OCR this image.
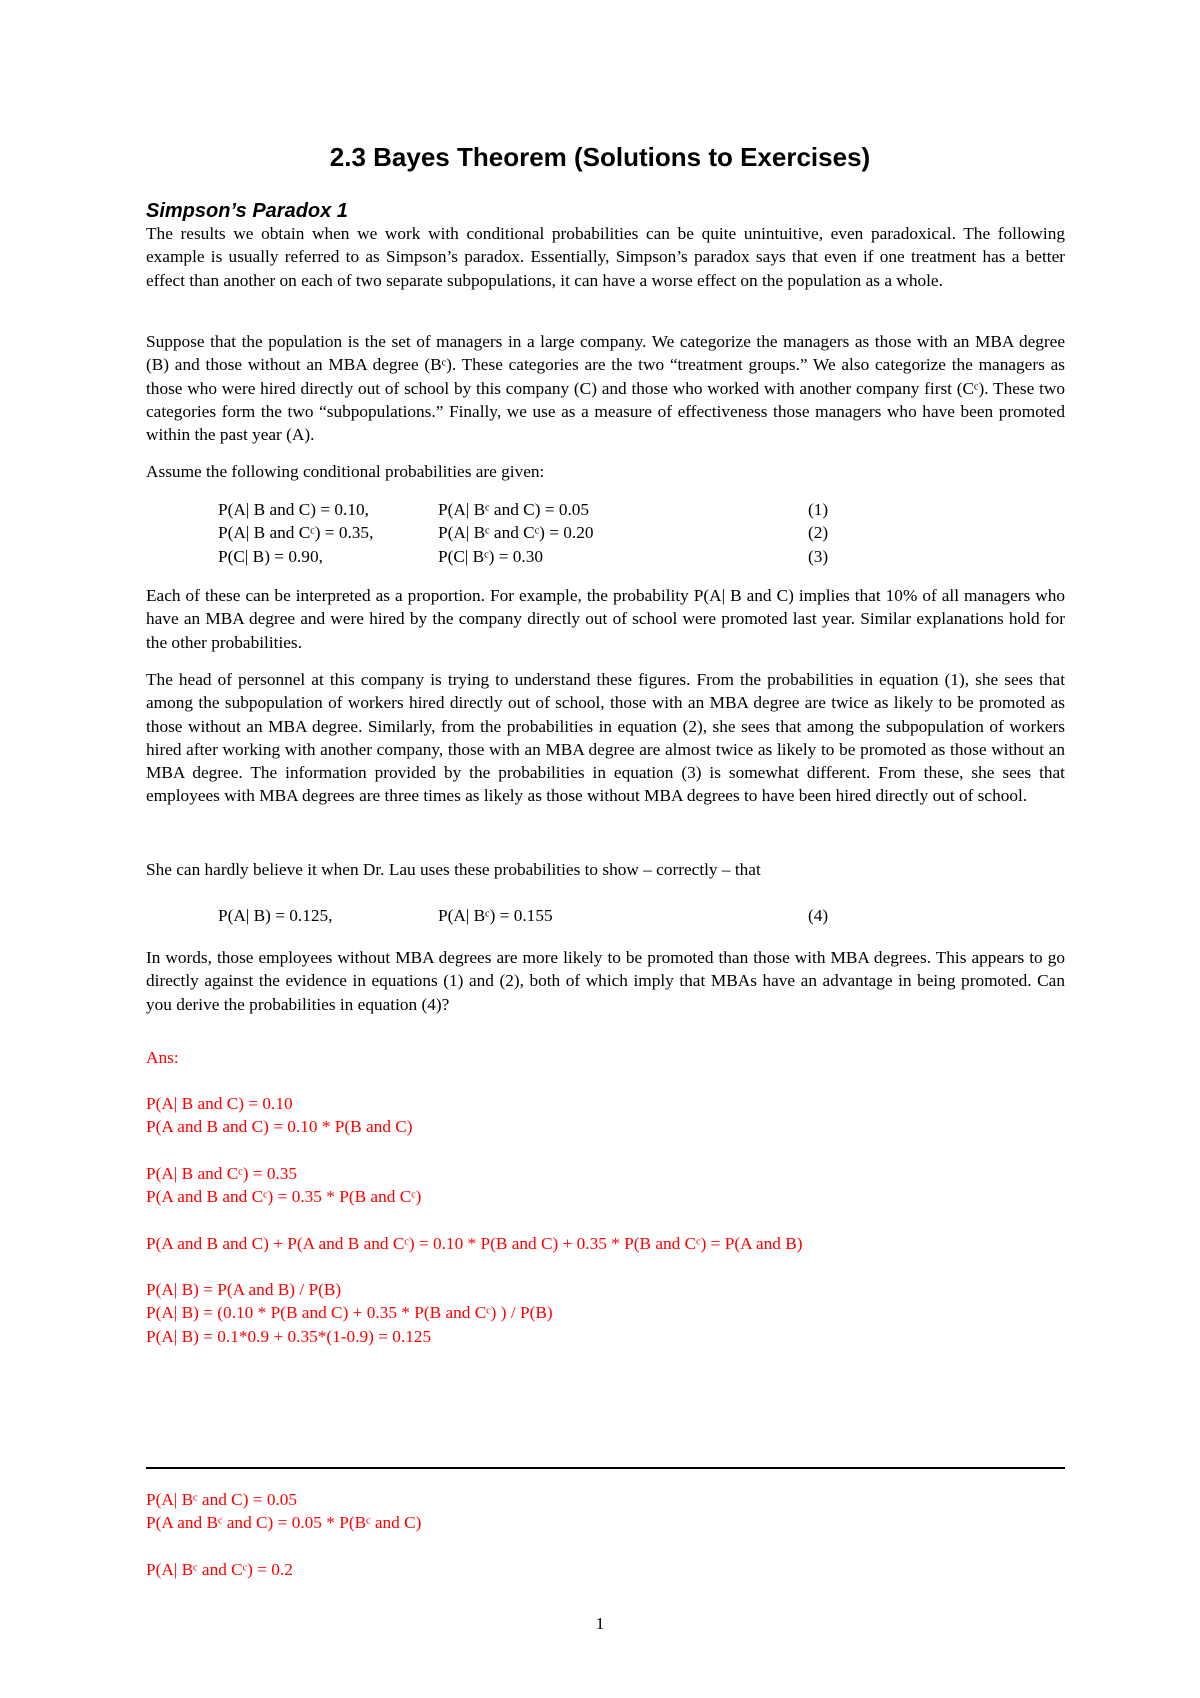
2.3 Bayes Theorem (Solutions to Exercises)
Simpson’s Paradox 1
The results we obtain when we work with conditional probabilities can be quite unintuitive, even paradoxical. The following example is usually referred to as Simpson’s paradox. Essentially, Simpson’s paradox says that even if one treatment has a better effect than another on each of two separate subpopulations, it can have a worse effect on the population as a whole.
Suppose that the population is the set of managers in a large company. We categorize the managers as those with an MBA degree (B) and those without an MBA degree (Bᶜ). These categories are the two “treatment groups.” We also categorize the managers as those who were hired directly out of school by this company (C) and those who worked with another company first (Cᶜ). These two categories form the two “subpopulations.” Finally, we use as a measure of effectiveness those managers who have been promoted within the past year (A).
Assume the following conditional probabilities are given:
P(A| B and C) = 0.10,	P(A| Bᶜ and C) = 0.05	(1)
P(A| B and Cᶜ) = 0.35,	P(A| Bᶜ and Cᶜ) = 0.20	(2)
P(C| B) = 0.90,	P(C| Bᶜ) = 0.30	(3)
Each of these can be interpreted as a proportion. For example, the probability P(A| B and C) implies that 10% of all managers who have an MBA degree and were hired by the company directly out of school were promoted last year. Similar explanations hold for the other probabilities.
The head of personnel at this company is trying to understand these figures. From the probabilities in equation (1), she sees that among the subpopulation of workers hired directly out of school, those with an MBA degree are twice as likely to be promoted as those without an MBA degree. Similarly, from the probabilities in equation (2), she sees that among the subpopulation of workers hired after working with another company, those with an MBA degree are almost twice as likely to be promoted as those without an MBA degree. The information provided by the probabilities in equation (3) is somewhat different. From these, she sees that employees with MBA degrees are three times as likely as those without MBA degrees to have been hired directly out of school.
She can hardly believe it when Dr. Lau uses these probabilities to show – correctly – that
P(A| B) = 0.125,	P(A| Bᶜ) = 0.155	(4)
In words, those employees without MBA degrees are more likely to be promoted than those with MBA degrees. This appears to go directly against the evidence in equations (1) and (2), both of which imply that MBAs have an advantage in being promoted. Can you derive the probabilities in equation (4)?
Ans:
P(A| B and C) = 0.10
P(A and B and C) = 0.10 * P(B and C)
P(A| B and Cᶜ) = 0.35
P(A and B and Cᶜ) = 0.35 * P(B and Cᶜ)
P(A and B and C) + P(A and B and Cᶜ) = 0.10 * P(B and C) + 0.35 * P(B and Cᶜ) = P(A and B)
P(A| B) = P(A and B) / P(B)
P(A| B) = (0.10 * P(B and C) + 0.35 * P(B and Cᶜ) ) / P(B)
P(A| B) = 0.1*0.9 + 0.35*(1-0.9) = 0.125
P(A| Bᶜ and C) = 0.05
P(A and Bᶜ and C) = 0.05 * P(Bᶜ and C)
P(A| Bᶜ and Cᶜ) = 0.2
1
